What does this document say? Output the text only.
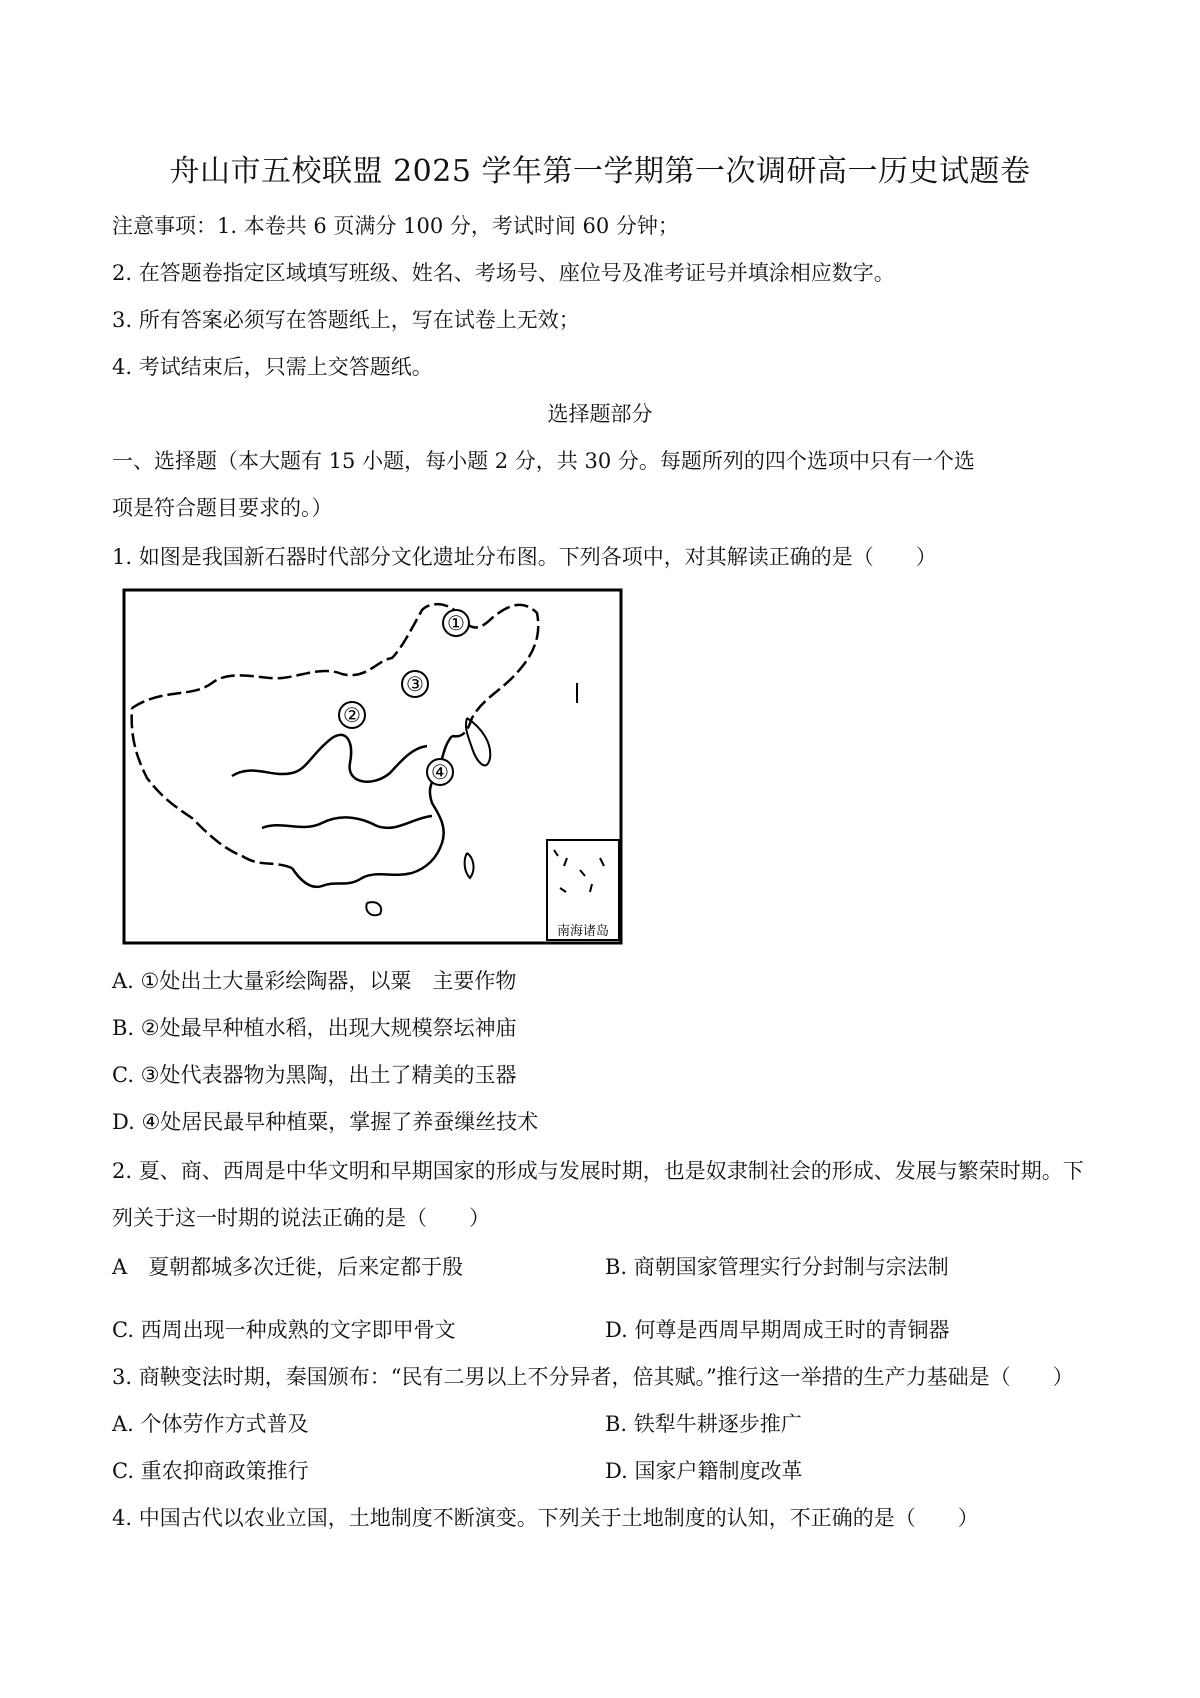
舟山市五校联盟 2025 学年第一学期第一次调研高一历史试题卷
注意事项：1. 本卷共 6 页满分 100 分，考试时间 60 分钟；
2. 在答题卷指定区域填写班级、姓名、考场号、座位号及准考证号并填涂相应数字。
3. 所有答案必须写在答题纸上，写在试卷上无效；
4. 考试结束后，只需上交答题纸。
选择题部分
一、选择题（本大题有 15 小题，每小题 2 分，共 30 分。每题所列的四个选项中只有一个选
项是符合题目要求的。）
1. 如图是我国新石器时代部分文化遗址分布图。下列各项中，对其解读正确的是（　　）
①
②
③
④
南海诸岛
A. ①处出土大量彩绘陶器，以粟　主要作物
B. ②处最早种植水稻，出现大规模祭坛神庙
C. ③处代表器物为黑陶，出土了精美的玉器
D. ④处居民最早种植粟，掌握了养蚕缫丝技术
2. 夏、商、西周是中华文明和早期国家的形成与发展时期，也是奴隶制社会的形成、发展与繁荣时期。下
列关于这一时期的说法正确的是（　　）
A　夏朝都城多次迁徙，后来定都于殷	B. 商朝国家管理实行分封制与宗法制
C. 西周出现一种成熟的文字即甲骨文	D. 何尊是西周早期周成王时的青铜器
3. 商鞅变法时期，秦国颁布：“民有二男以上不分异者，倍其赋。”推行这一举措的生产力基础是（　　）
A. 个体劳作方式普及	B. 铁犁牛耕逐步推广
C. 重农抑商政策推行	D. 国家户籍制度改革
4. 中国古代以农业立国，土地制度不断演变。下列关于土地制度的认知，不正确的是（　　）
